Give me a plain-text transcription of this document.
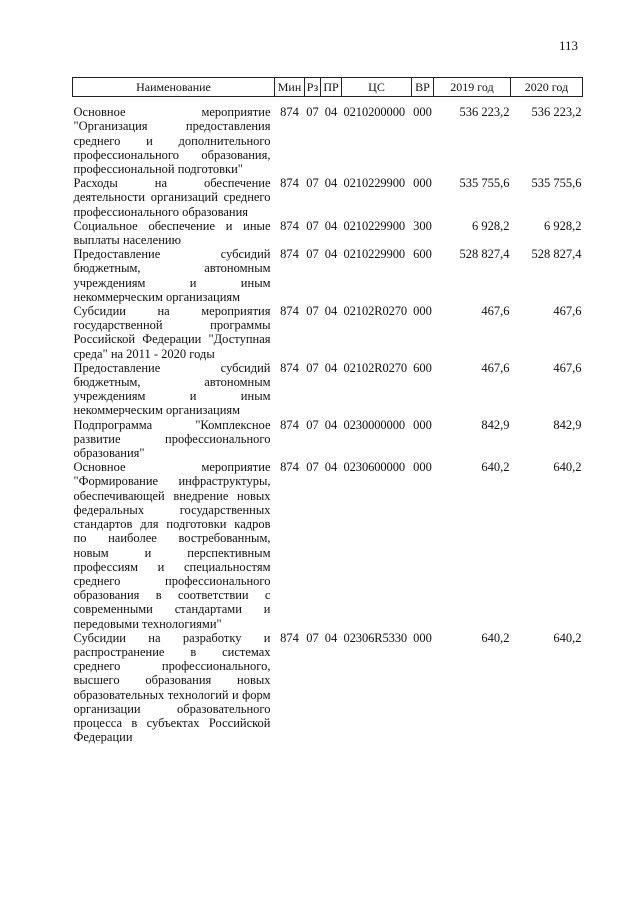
113
Наименование	Мин	Рз	ПР	ЦС	ВР	2019 год	2020 год
Основное мероприятие "Организация предоставления среднего и дополнительного профессионального образования, профессиональной подготовки"	874	07	04	0210200000	000	536 223,2	536 223,2
Расходы на обеспечение деятельности организаций среднего профессионального образования	874	07	04	0210229900	000	535 755,6	535 755,6
Социальное обеспечение и иные выплаты населению	874	07	04	0210229900	300	6 928,2	6 928,2
Предоставление субсидий бюджетным, автономным учреждениям и иным некоммерческим организациям	874	07	04	0210229900	600	528 827,4	528 827,4
Субсидии на мероприятия государственной программы Российской Федерации "Доступная среда" на 2011 - 2020 годы	874	07	04	02102R0270	000	467,6	467,6
Предоставление субсидий бюджетным, автономным учреждениям и иным некоммерческим организациям	874	07	04	02102R0270	600	467,6	467,6
Подпрограмма "Комплексное развитие профессионального образования"	874	07	04	0230000000	000	842,9	842,9
Основное мероприятие "Формирование инфраструктуры, обеспечивающей внедрение новых федеральных государственных стандартов для подготовки кадров по наиболее востребованным, новым и перспективным профессиям и специальностям среднего профессионального образования в соответствии с современными стандартами и передовыми технологиями"	874	07	04	0230600000	000	640,2	640,2
Субсидии на разработку и распространение в системах среднего профессионального, высшего образования новых образовательных технологий и форм организации образовательного процесса в субъектах Российской Федерации	874	07	04	02306R5330	000	640,2	640,2
